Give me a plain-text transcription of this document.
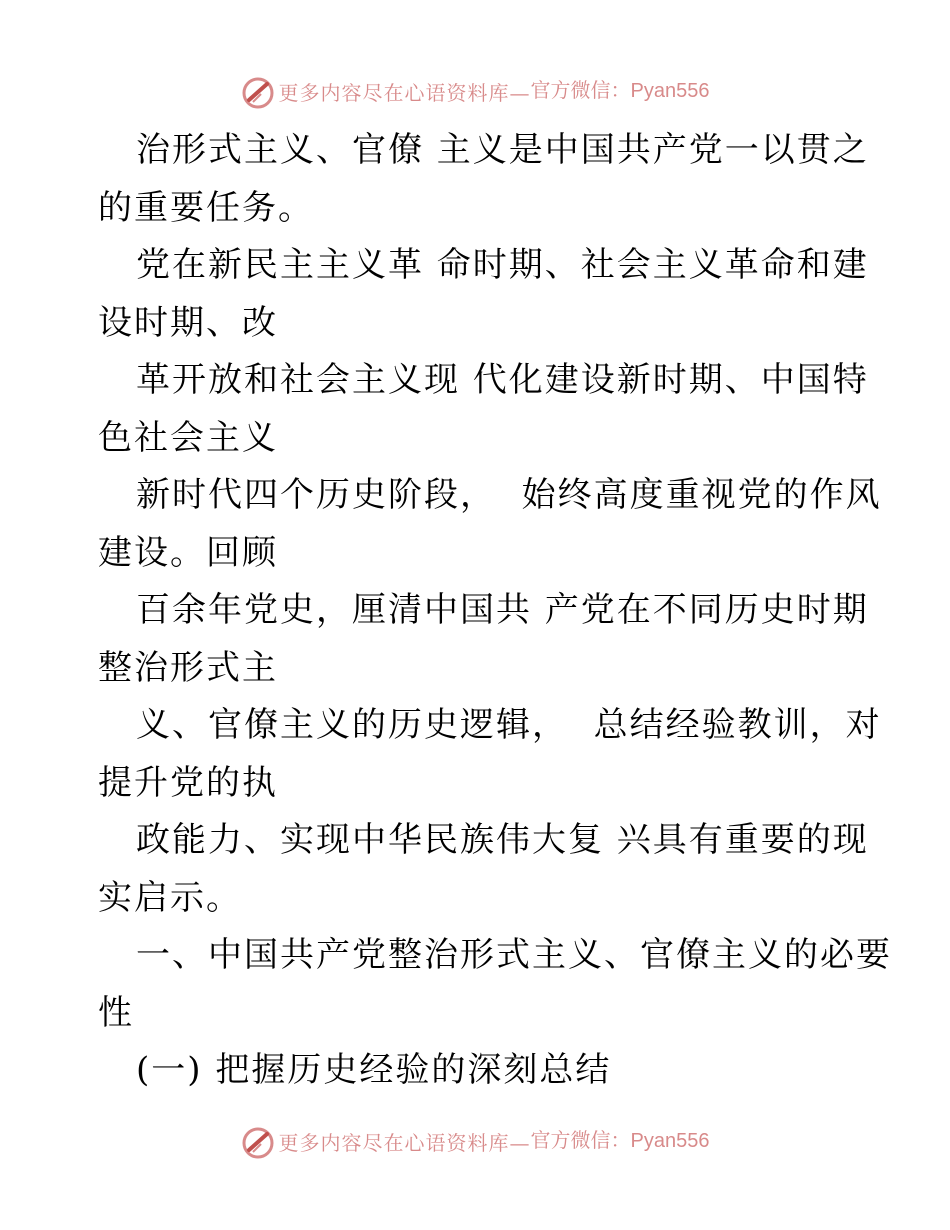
更多内容尽在心语资料库—官方微信：Pyan556
治形式主义、官僚 主义是中国共产党一以贯之
的重要任务。
党在新民主主义革 命时期、社会主义革命和建
设时期、改
革开放和社会主义现 代化建设新时期、中国特
色社会主义
新时代四个历史阶段，  始终高度重视党的作风
建设。回顾
百余年党史，厘清中国共 产党在不同历史时期
整治形式主
义、官僚主义的历史逻辑，  总结经验教训，对
提升党的执
政能力、实现中华民族伟大复 兴具有重要的现
实启示。
一、中国共产党整治形式主义、官僚主义的必要
性
(一) 把握历史经验的深刻总结
更多内容尽在心语资料库—官方微信：Pyan556
